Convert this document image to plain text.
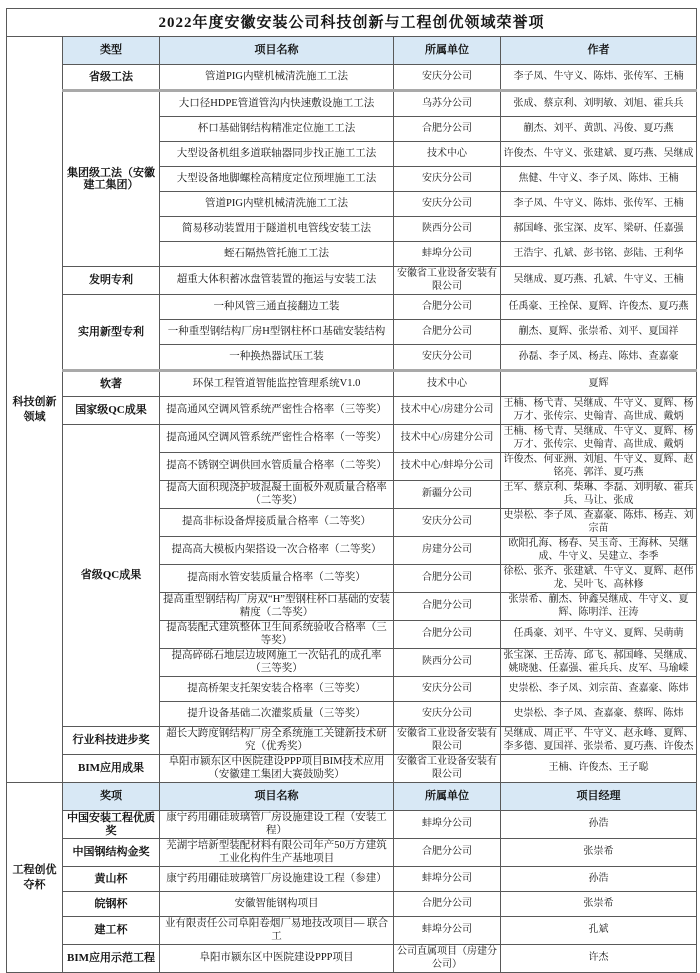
2022年度安徽安装公司科技创新与工程创优领域荣誉项				
科技创新领域	类型	项目名称	所属单位	作者
	省级工法	管道PIG内壁机械清洗施工工法	安庆分公司	李子凤、牛守义、陈炜、张传军、王楠
	集团级工法（安徽建工集团）	大口径HDPE管道管沟内快速敷设施工工法	乌苏分公司	张成、蔡京利、刘明敏、刘旭、霍兵兵
		杯口基础钢结构精准定位施工工法	合肥分公司	蒯杰、刘平、黄凯、冯俊、夏巧燕
		大型设备机组多道联轴器同步找正施工工法	技术中心	许俊杰、牛守义、张建斌、夏巧燕、吴继成
		大型设备地脚螺栓高精度定位预埋施工工法	安庆分公司	焦健、牛守义、李子凤、陈炜、王楠
		管道PIG内壁机械清洗施工工法	安庆分公司	李子凤、牛守义、陈炜、张传军、王楠
		简易移动装置用于隧道机电管线安装工法	陕西分公司	郝国峰、张宝深、皮军、梁研、任嘉强
		蛭石隔热管托施工工法	蚌埠分公司	王浩宇、孔斌、彭书铭、彭陆、王利华
	发明专利	超重大体积蓄冰盘管装置的拖运与安装工法	安徽省工业设备安装有限公司	吴继成、夏巧燕、孔斌、牛守义、王楠
	实用新型专利	一种风管三通直接翻边工装	合肥分公司	任禹豪、王拴保、夏辉、许俊杰、夏巧燕
		一种重型钢结构厂房H型钢柱杯口基础安装结构	合肥分公司	蒯杰、夏辉、张崇希、刘平、夏国祥
		一种换热器试压工装	安庆分公司	孙磊、李子凤、杨垚、陈炜、查嘉豪
	软著	环保工程管道智能监控管理系统V1.0	技术中心	夏辉
	国家级QC成果	提高通风空调风管系统严密性合格率（三等奖）	技术中心/房建分公司	王楠、杨弋青、吴继成、牛守义、夏辉、杨万才、张传宗、史翰青、高世成、戴炳
	省级QC成果	提高通风空调风管系统严密性合格率（一等奖）	技术中心/房建分公司	王楠、杨弋青、吴继成、牛守义、夏辉、杨万才、张传宗、史翰青、高世成、戴炳
		提高不锈钢空调供回水管质量合格率（二等奖）	技术中心/蚌埠分公司	许俊杰、何亚洲、刘旭、牛守义、夏辉、赵铭亮、郭洋、夏巧燕
		提高大面积现浇护坡混凝土面板外观质量合格率（二等奖）	新疆分公司	王军、蔡京利、柴琳、李磊、刘明敏、霍兵兵、马让、张成
		提高非标设备焊接质量合格率（二等奖）	安庆分公司	史崇松、李子凤、查嘉豪、陈炜、杨垚、刘宗苗
		提高高大模板内架搭设一次合格率（二等奖）	房建分公司	欧阳孔海、杨春、吴玉奇、王海林、吴继成、牛守义、吴建立、李季
		提高雨水管安装质量合格率（二等奖）	合肥分公司	徐松、张齐、张建斌、牛守义、夏辉、赵伟龙、吴叶飞、高林修
		提高重型钢结构厂房双“H”型钢柱杯口基础的安装精度（二等奖）	合肥分公司	张崇希、蒯杰、钟鑫吴继成、牛守义、夏辉、陈明洋、汪涛
		提高装配式建筑整体卫生间系统验收合格率（三等奖）	合肥分公司	任禹豪、刘平、牛守义、夏辉、吴萌萌
		提高碎砾石地层边坡网施工一次钻孔的成孔率（三等奖）	陕西分公司	张宝深、王岳涛、邱飞、郝国峰、吴继成、姚晓驰、任嘉强、霍兵兵、皮军、马瑜嵘
		提高桥架支托架安装合格率（三等奖）	安庆分公司	史崇松、李子凤、刘宗苗、查嘉豪、陈炜
		提升设备基础二次灌浆质量（三等奖）	安庆分公司	史崇松、李子凤、查嘉豪、蔡晖、陈炜
	行业科技进步奖	超长大跨度钢结构厂房全系统施工关键新技术研究（优秀奖）	安徽省工业设备安装有限公司	吴继成、周正平、牛守义、赵永峰、夏辉、李多德、夏国祥、张崇希、夏巧燕、许俊杰
	BIM应用成果	阜阳市颍东区中医院建设PPP项目BIM技术应用（安徽建工集团大赛鼓励奖）	安徽省工业设备安装有限公司	王楠、许俊杰、王子聪
工程创优夺杯	奖项	项目名称	所属单位	项目经理
	中国安装工程优质奖	康宁药用硼硅玻璃管厂房设施建设工程（安装工程）	蚌埠分公司	孙浩
	中国钢结构金奖	芜湖宇培新型装配材料有限公司年产50万方建筑工业化构件生产基地项目	合肥分公司	张崇希
	黄山杯	康宁药用硼硅玻璃管厂房设施建设工程（参建）	蚌埠分公司	孙浩
	皖钢杯	安徽智能钢构项目	合肥分公司	张崇希
	建工杯	业有限责任公司阜阳卷烟厂易地技改项目— 联合工	蚌埠分公司	孔斌
	BIM应用示范工程	阜阳市颍东区中医院建设PPP项目	公司直属项目（房建分公司）	许杰
